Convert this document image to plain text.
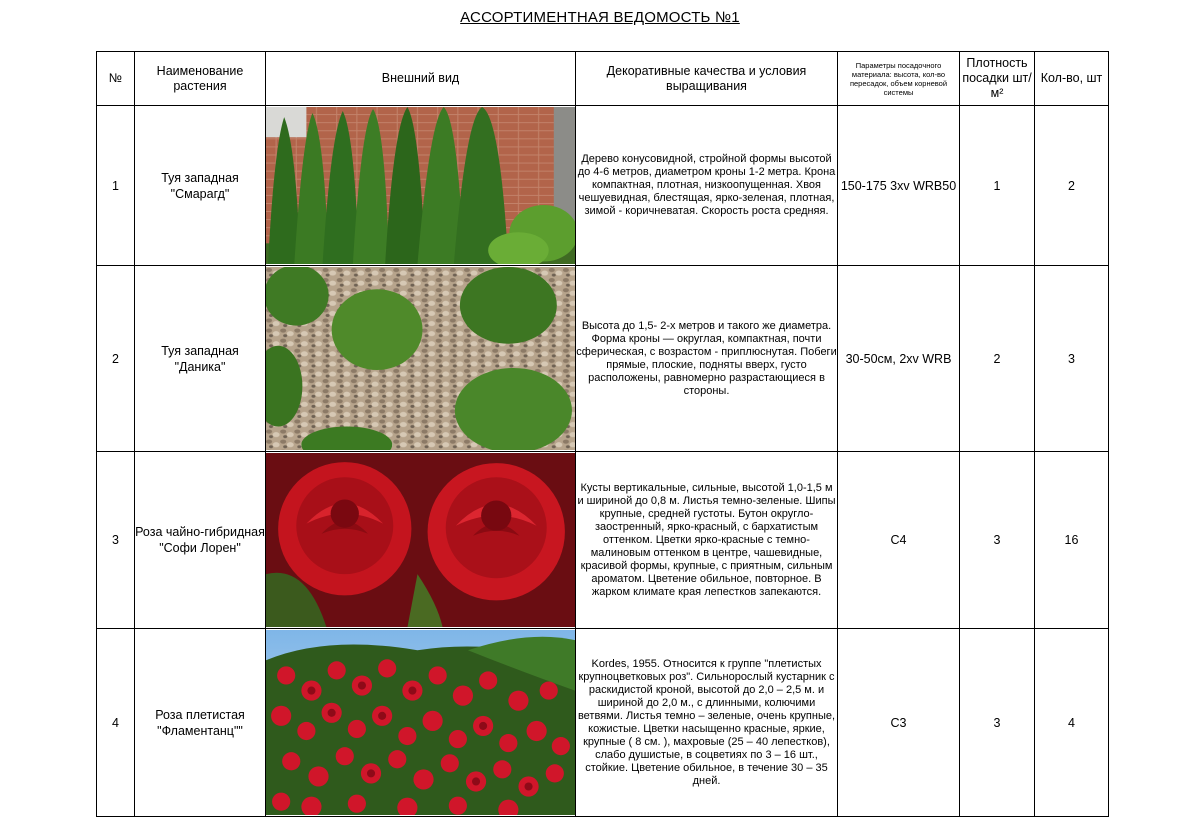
АССОРТИМЕНТНАЯ ВЕДОМОСТЬ №1
№	Наименование растения	Внешний вид	Декоративные качества и условия выращивания	Параметры посадочного материала: высота, кол-во пересадок, объем корневой системы	Плотность посадки шт/м²	Кол-во, шт
1	Туя западная "Смарагд"		Дерево конусовидной, стройной формы высотой до 4-6 метров, диаметром кроны 1-2 метра. Крона компактная, плотная, низкоопущенная. Хвоя чешуевидная, блестящая, ярко-зеленая, плотная, зимой - коричневатая. Скорость роста средняя.	150-175 3xv WRB50	1	2
2	Туя западная "Даника"		Высота до 1,5- 2-х метров и такого же диаметра. Форма кроны — округлая, компактная, почти сферическая, с возрастом - приплюснутая. Побеги прямые, плоские, подняты вверх, густо расположены, равномерно разрастающиеся в стороны.	30-50см, 2xv WRB	2	3
3	Роза чайно-гибридная "Софи Лорен"		Кусты вертикальные, сильные, высотой 1,0-1,5 м и шириной до 0,8 м. Листья темно-зеленые. Шипы крупные, средней густоты. Бутон округло-заостренный, ярко-красный, с бархатистым оттенком. Цветки ярко-красные с темно-малиновым оттенком в центре, чашевидные, красивой формы, крупные, с приятным, сильным ароматом. Цветение обильное, повторное. В жарком климате края лепестков запекаются.	С4	3	16
4	Роза плетистая "Фламентанц""		Kordes, 1955. Относится к группе "плетистых крупноцветковых роз". Сильнорослый кустарник с раскидистой кроной, высотой до 2,0 – 2,5 м. и шириной до 2,0 м., с длинными, колючими ветвями. Листья темно – зеленые, очень крупные, кожистые. Цветки насыщенно красные, яркие, крупные ( 8 см. ), махровые (25 – 40 лепестков), слабо душистые, в соцветиях по 3 – 16 шт., стойкие. Цветение обильное, в течение 30 – 35 дней.	С3	3	4
